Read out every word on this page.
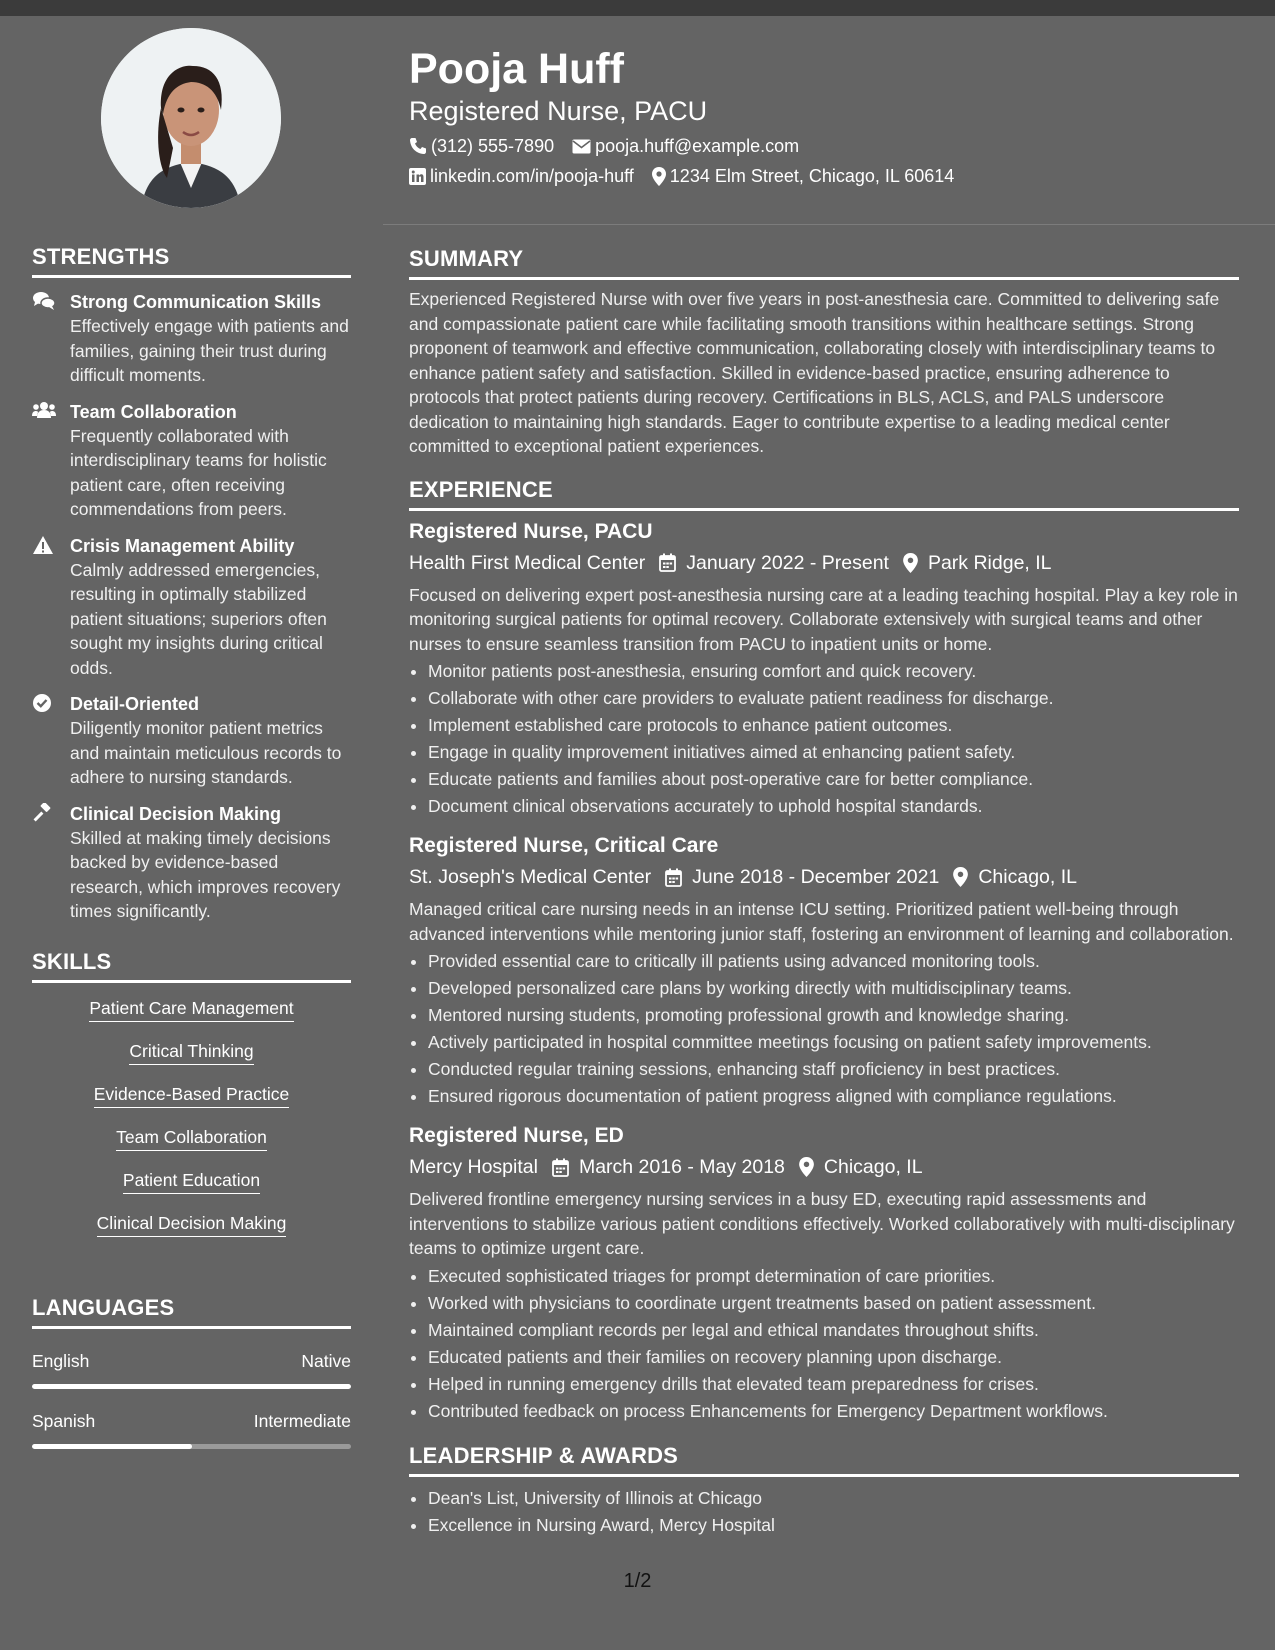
STRENGTHS
Strong Communication Skills
Effectively engage with patients and families, gaining their trust during difficult moments.
Team Collaboration
Frequently collaborated with interdisciplinary teams for holistic patient care, often receiving commendations from peers.
Crisis Management Ability
Calmly addressed emergencies, resulting in optimally stabilized patient situations; superiors often sought my insights during critical odds.
Detail-Oriented
Diligently monitor patient metrics and maintain meticulous records to adhere to nursing standards.
Clinical Decision Making
Skilled at making timely decisions backed by evidence-based research, which improves recovery times significantly.
SKILLS
Patient Care Management
Critical Thinking
Evidence-Based Practice
Team Collaboration
Patient Education
Clinical Decision Making
LANGUAGES
English	Native
Spanish	Intermediate
Pooja Huff
Registered Nurse, PACU
(312) 555-7890 pooja.huff@example.com
linkedin.com/in/pooja-huff 1234 Elm Street, Chicago, IL 60614
SUMMARY
Experienced Registered Nurse with over five years in post-anesthesia care. Committed to delivering safe and compassionate patient care while facilitating smooth transitions within healthcare settings. Strong proponent of teamwork and effective communication, collaborating closely with interdisciplinary teams to enhance patient safety and satisfaction. Skilled in evidence-based practice, ensuring adherence to protocols that protect patients during recovery. Certifications in BLS, ACLS, and PALS underscore dedication to maintaining high standards. Eager to contribute expertise to a leading medical center committed to exceptional patient experiences.
EXPERIENCE
Registered Nurse, PACU
Health First Medical Center January 2022 - Present Park Ridge, IL
Focused on delivering expert post-anesthesia nursing care at a leading teaching hospital. Play a key role in monitoring surgical patients for optimal recovery. Collaborate extensively with surgical teams and other nurses to ensure seamless transition from PACU to inpatient units or home.
• Monitor patients post-anesthesia, ensuring comfort and quick recovery.
• Collaborate with other care providers to evaluate patient readiness for discharge.
• Implement established care protocols to enhance patient outcomes.
• Engage in quality improvement initiatives aimed at enhancing patient safety.
• Educate patients and families about post-operative care for better compliance.
• Document clinical observations accurately to uphold hospital standards.
Registered Nurse, Critical Care
St. Joseph's Medical Center June 2018 - December 2021 Chicago, IL
Managed critical care nursing needs in an intense ICU setting. Prioritized patient well-being through advanced interventions while mentoring junior staff, fostering an environment of learning and collaboration.
• Provided essential care to critically ill patients using advanced monitoring tools.
• Developed personalized care plans by working directly with multidisciplinary teams.
• Mentored nursing students, promoting professional growth and knowledge sharing.
• Actively participated in hospital committee meetings focusing on patient safety improvements.
• Conducted regular training sessions, enhancing staff proficiency in best practices.
• Ensured rigorous documentation of patient progress aligned with compliance regulations.
Registered Nurse, ED
Mercy Hospital March 2016 - May 2018 Chicago, IL
Delivered frontline emergency nursing services in a busy ED, executing rapid assessments and interventions to stabilize various patient conditions effectively. Worked collaboratively with multi-disciplinary teams to optimize urgent care.
• Executed sophisticated triages for prompt determination of care priorities.
• Worked with physicians to coordinate urgent treatments based on patient assessment.
• Maintained compliant records per legal and ethical mandates throughout shifts.
• Educated patients and their families on recovery planning upon discharge.
• Helped in running emergency drills that elevated team preparedness for crises.
• Contributed feedback on process Enhancements for Emergency Department workflows.
LEADERSHIP & AWARDS
• Dean's List, University of Illinois at Chicago
• Excellence in Nursing Award, Mercy Hospital
1/2
